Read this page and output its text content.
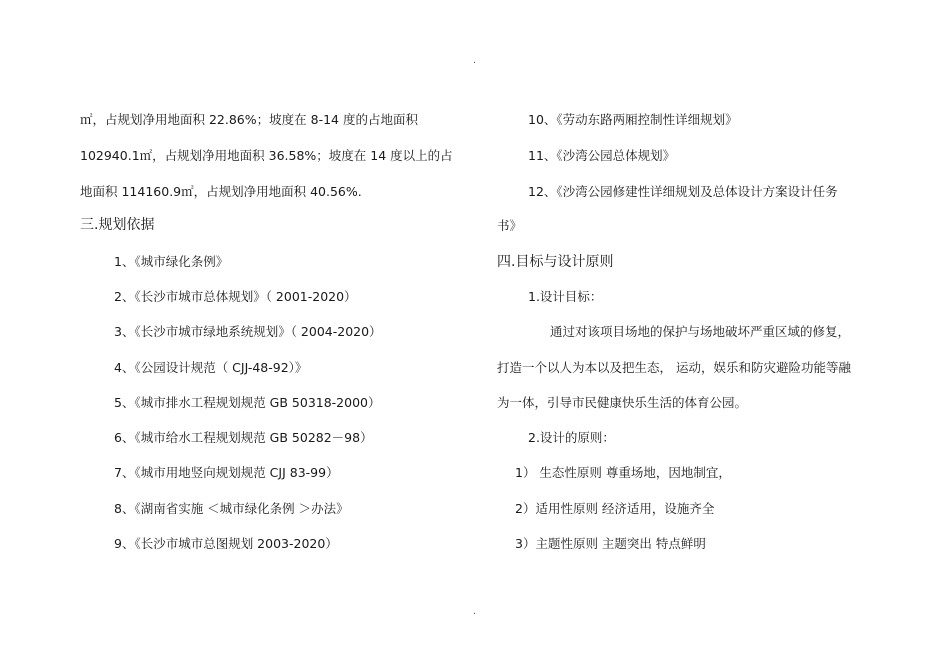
.
.
㎡，占规划净用地面积 22.86%；坡度在 8-14 度的占地面积
102940.1㎡，占规划净用地面积 36.58%；坡度在 14 度以上的占
地面积 114160.9㎡，占规划净用地面积 40.56%.
三.规划依据
1、《城市绿化条例》
2、《长沙市城市总体规划》（ 2001-2020）
3、《长沙市城市绿地系统规划》（ 2004-2020）
4、《公园设计规范（ CJJ-48-92）》
5、《城市排水工程规划规范 GB 50318-2000）
6、《城市给水工程规划规范 GB 50282－98）
7、《城市用地竖向规划规范 CJJ 83-99）
8、《湖南省实施 ＜城市绿化条例 ＞办法》
9、《长沙市城市总图规划 2003-2020）
10、《劳动东路两厢控制性详细规划》
11、《沙湾公园总体规划》
12、《沙湾公园修建性详细规划及总体设计方案设计任务
书》
四.目标与设计原则
1.设计目标：
通过对该项目场地的保护与场地破坏严重区域的修复，
打造一个以人为本以及把生态， 运动，娱乐和防灾避险功能等融
为一体，引导市民健康快乐生活的体育公园。
2.设计的原则：
1） 生态性原则 尊重场地，因地制宜，
2）适用性原则 经济适用，设施齐全
3）主题性原则 主题突出 特点鲜明
